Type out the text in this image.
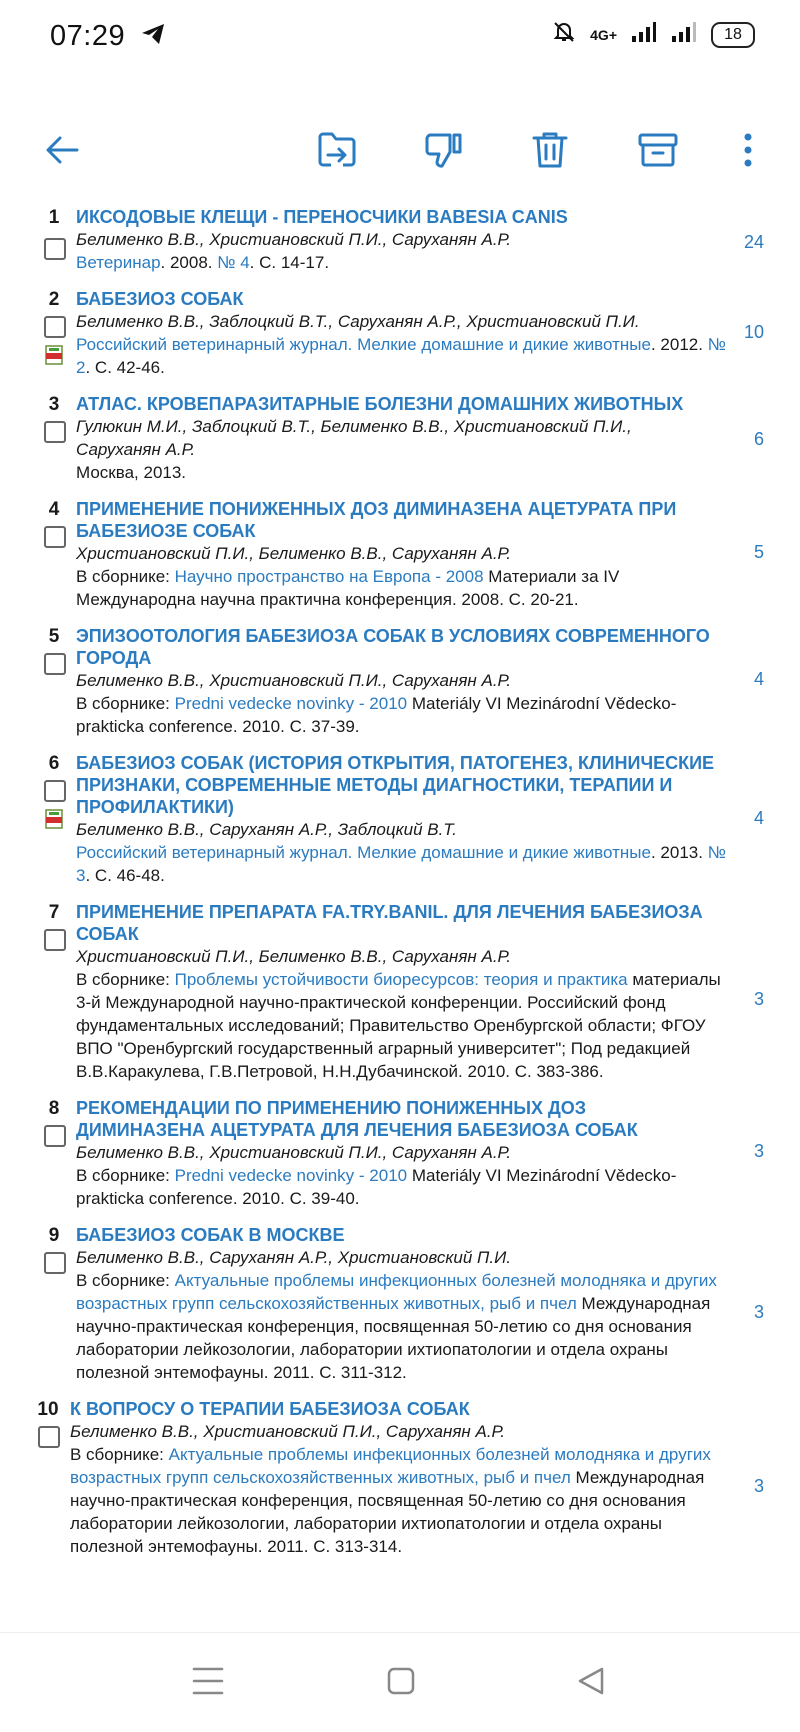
07:29	4G+	18
1
24
ИКСОДОВЫЕ КЛЕЩИ - ПЕРЕНОСЧИКИ BABESIA CANIS
Белименко В.В., Христиановский П.И., Саруханян А.Р.
Ветеринар. 2008. № 4. С. 14-17.
2
10
БАБЕЗИОЗ СОБАК
Белименко В.В., Заблоцкий В.Т., Саруханян А.Р., Христиановский П.И.
Российский ветеринарный журнал. Мелкие домашние и дикие животные. 2012. № 2. С. 42-46.
3
6
АТЛАС. КРОВЕПАРАЗИТАРНЫЕ БОЛЕЗНИ ДОМАШНИХ ЖИВОТНЫХ
Гулюкин М.И., Заблоцкий В.Т., Белименко В.В., Христиановский П.И., Саруханян А.Р.
Москва, 2013.
4
5
ПРИМЕНЕНИЕ ПОНИЖЕННЫХ ДОЗ ДИМИНАЗЕНА АЦЕТУРАТА ПРИ БАБЕЗИОЗЕ СОБАК
Христиановский П.И., Белименко В.В., Саруханян А.Р.
В сборнике: Научно пространство на Европа - 2008 Материали за IV Международна научна практична конференция. 2008. С. 20-21.
5
4
ЭПИЗООТОЛОГИЯ БАБЕЗИОЗА СОБАК В УСЛОВИЯХ СОВРЕМЕННОГО ГОРОДА
Белименко В.В., Христиановский П.И., Саруханян А.Р.
В сборнике: Predni vedecke novinky - 2010 Materiály VI Mezinárodní Vědecko-prakticka conference. 2010. С. 37-39.
6
4
БАБЕЗИОЗ СОБАК (ИСТОРИЯ ОТКРЫТИЯ, ПАТОГЕНЕЗ, КЛИНИЧЕСКИЕ ПРИЗНАКИ, СОВРЕМЕННЫЕ МЕТОДЫ ДИАГНОСТИКИ, ТЕРАПИИ И ПРОФИЛАКТИКИ)
Белименко В.В., Саруханян А.Р., Заблоцкий В.Т.
Российский ветеринарный журнал. Мелкие домашние и дикие животные. 2013. № 3. С. 46-48.
7
3
ПРИМЕНЕНИЕ ПРЕПАРАТА FA.TRY.BANIL. ДЛЯ ЛЕЧЕНИЯ БАБЕЗИОЗА СОБАК
Христиановский П.И., Белименко В.В., Саруханян А.Р.
В сборнике: Проблемы устойчивости биоресурсов: теория и практика материалы 3-й Международной научно-практической конференции. Российский фонд фундаментальных исследований; Правительство Оренбургской области; ФГОУ ВПО "Оренбургский государственный аграрный университет"; Под редакцией В.В.Каракулева, Г.В.Петровой, Н.Н.Дубачинской. 2010. С. 383-386.
8
3
РЕКОМЕНДАЦИИ ПО ПРИМЕНЕНИЮ ПОНИЖЕННЫХ ДОЗ ДИМИНАЗЕНА АЦЕТУРАТА ДЛЯ ЛЕЧЕНИЯ БАБЕЗИОЗА СОБАК
Белименко В.В., Христиановский П.И., Саруханян А.Р.
В сборнике: Predni vedecke novinky - 2010 Materiály VI Mezinárodní Vědecko-prakticka conference. 2010. С. 39-40.
9
3
БАБЕЗИОЗ СОБАК В МОСКВЕ
Белименко В.В., Саруханян А.Р., Христиановский П.И.
В сборнике: Актуальные проблемы инфекционных болезней молодняка и других возрастных групп сельскохозяйственных животных, рыб и пчел Международная научно-практическая конференция, посвященная 50-летию со дня основания лаборатории лейкозологии, лаборатории ихтиопатологии и отдела охраны полезной энтемофауны. 2011. С. 311-312.
10
3
К ВОПРОСУ О ТЕРАПИИ БАБЕЗИОЗА СОБАК
Белименко В.В., Христиановский П.И., Саруханян А.Р.
В сборнике: Актуальные проблемы инфекционных болезней молодняка и других возрастных групп сельскохозяйственных животных, рыб и пчел Международная научно-практическая конференция, посвященная 50-летию со дня основания лаборатории лейкозологии, лаборатории ихтиопатологии и отдела охраны полезной энтемофауны. 2011. С. 313-314.
